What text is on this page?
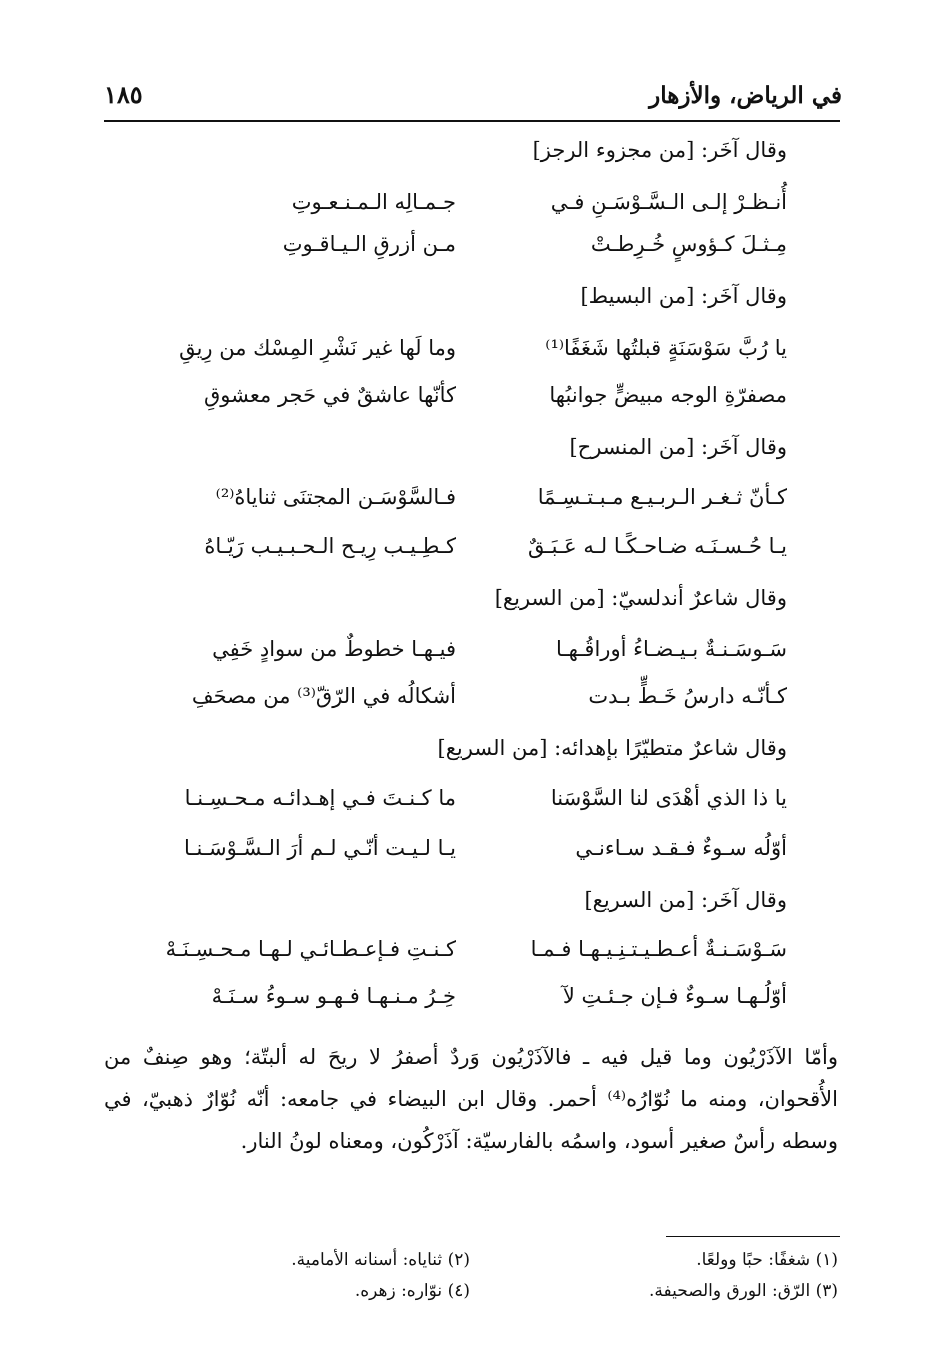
في الرياض، والأزهار
١٨٥
وقال آخَر: [من مجزوء الرجز]
أُنـظـرْ إلـى الـسَّـوْسَـنِ فـي
جـمـالِه الـمـنـعـوتِ
مِـثـلَ كـؤوسٍ خُـرِطـتْ
مـن أزرقِ الـيـاقـوتِ
وقال آخَر: [من البسيط]
يا رُبَّ سَوْسَنَةٍ قبلتُها شَغَفًا⁽¹⁾
وما لَها غير نَشْرِ المِسْك من رِيقِ
مصفرّةِ الوجه مبيضٍّ جوانبُها
كأنّها عاشقٌ في حَجر معشوقِ
وقال آخَر: [من المنسرح]
كـأنّ ثـغـر الـربـيـع مـبـتـسِـمًا
فـالسَّوْسَـن المجتنَى ثناياهُ⁽²⁾
يـا حُـسـنَـه ضـاحـكًـا لـه عَـبَـقٌ
كـطِـيـب رِيـح الـحـبـيـب رَيّـاهُ
وقال شاعرٌ أندلسيّ: [من السريع]
سَـوسَـنـةٌ بـيـضـاءُ أوراقُـهـا
فيـهـا خطوطٌ من سوادٍ خَفِي
كـأنّـه دارسُ خَـطٍّ بـدت
أشكالُه في الرّقّ⁽³⁾ من مصحَفِ
وقال شاعرٌ متطيّرًا بإهدائه: [من السريع]
يا ذا الذي أهْدَى لنا السَّوْسَنا
ما كـنـتَ فـي إهـدائـه مـحـسِـنـا
أوّلُه سـوءٌ فـقـد سـاءنـي
يـا لـيـت أنّـي لـم أرَ الـسَّـوْسَـنـا
وقال آخَر: [من السريع]
سَـوْسَـنـةٌ أعـطـيـتـنِـيـهـا فـمـا
كـنـتِ فـإعـطـائـي لـهـا مـحـسِـنَـهْ
أوّلُـهـا سـوءٌ فـإن جـئـتِ لآ
خِـرُ مـنـهـا فـهـو سـوءُ سـنَـهْ
وأمّا الآذَرْيُون وما قيل فيه ـ فالآذَرْيُون وَردٌ أصفرُ لا ريحَ له ألبتّة؛ وهو صِنفٌ من الأُقحوان، ومنه ما نُوّارُه⁽⁴⁾ أحمر. وقال ابن البيضاء في جامعه: أنّه نُوّارٌ ذهبيّ، في وسطه رأسٌ صغير أسود، واسمُه بالفارسيّة: آذَرْكُون، ومعناه لونُ النار.
(١) شغفًا: حبًا وولعًا.
(٢) ثناياه: أسنانه الأمامية.
(٣) الرّق: الورق والصحيفة.
(٤) نوّاره: زهره.
